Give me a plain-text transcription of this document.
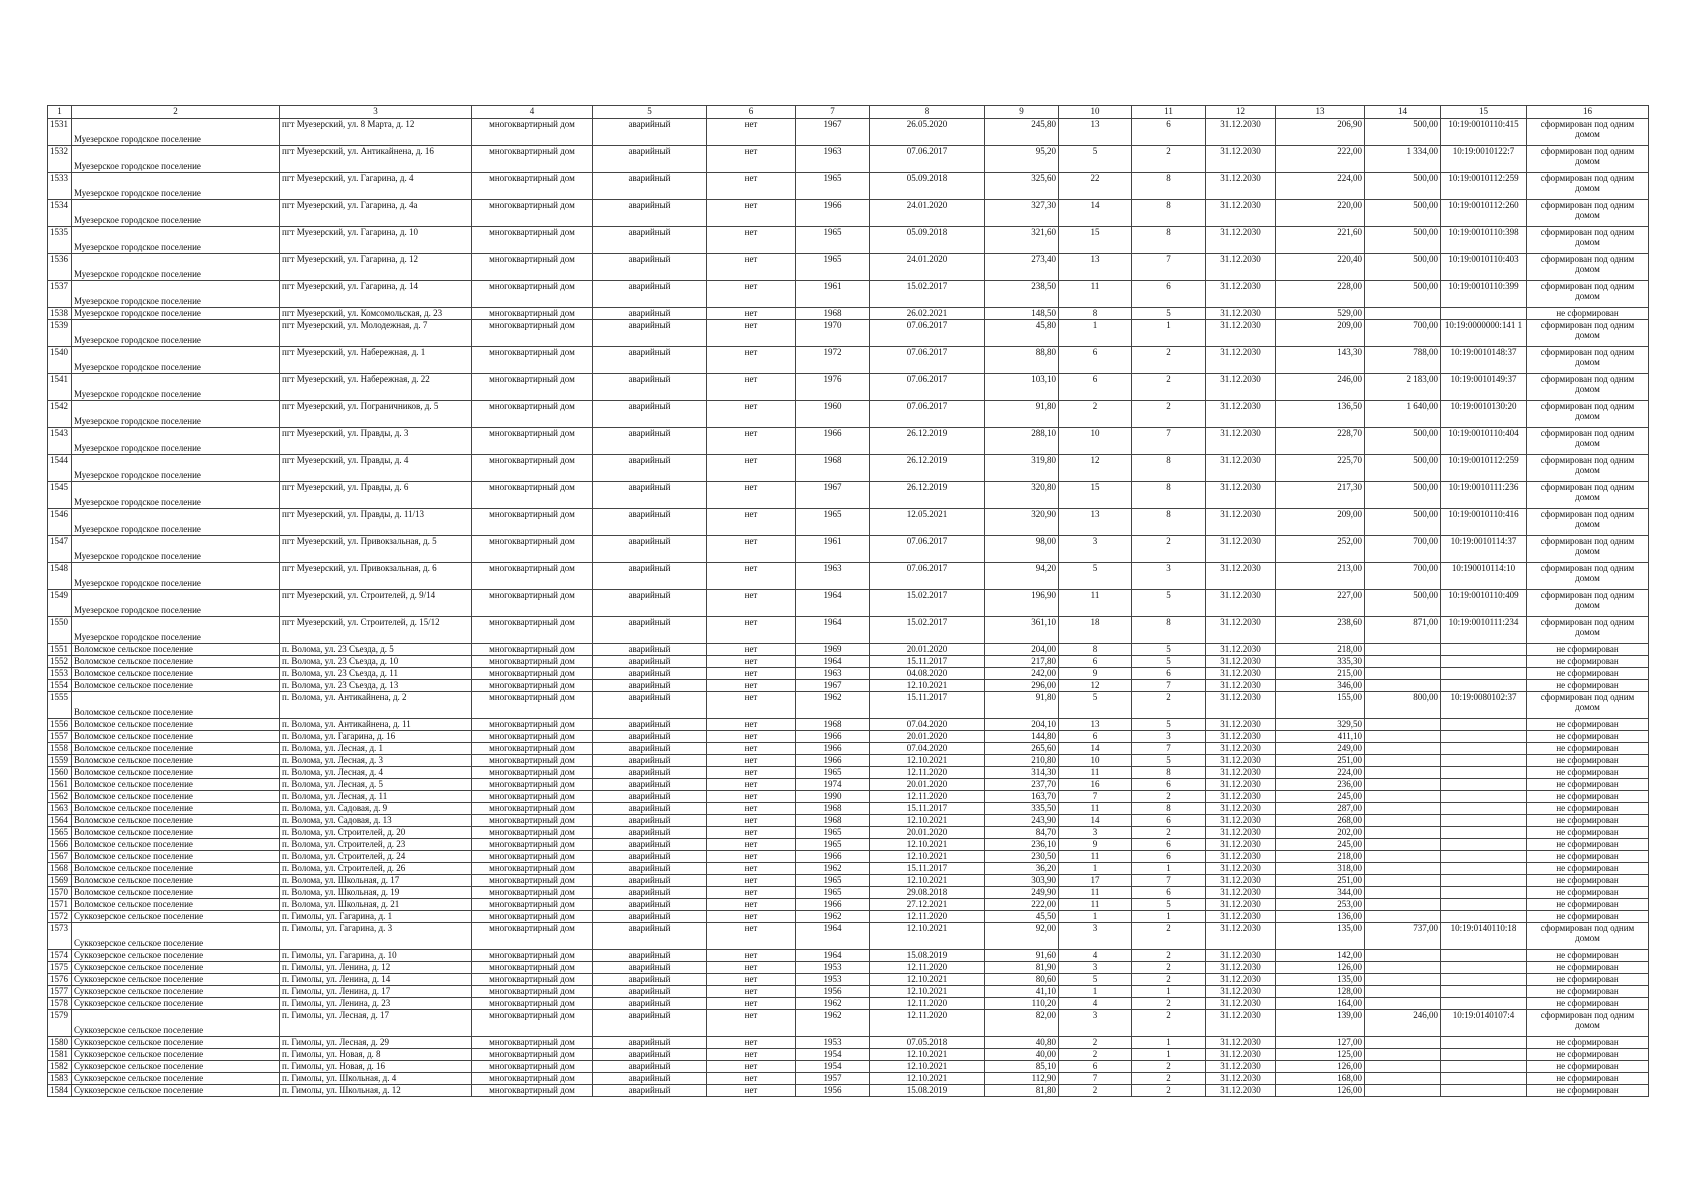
1	2	3	4	5	6	7	8	9	10	11	12	13	14	15	16
1531	Муезерское городское поселение	пгт Муезерский, ул. 8 Марта, д. 12	многоквартирный дом	аварийный	нет	1967	26.05.2020	245,80	13	6	31.12.2030	206,90	500,00	10:19:0010110:415	сформирован под одним домом
1532	Муезерское городское поселение	пгт Муезерский, ул. Антикайнена, д. 16	многоквартирный дом	аварийный	нет	1963	07.06.2017	95,20	5	2	31.12.2030	222,00	1 334,00	10:19:0010122:7	сформирован под одним домом
1533	Муезерское городское поселение	пгт Муезерский, ул. Гагарина, д. 4	многоквартирный дом	аварийный	нет	1965	05.09.2018	325,60	22	8	31.12.2030	224,00	500,00	10:19:0010112:259	сформирован под одним домом
1534	Муезерское городское поселение	пгт Муезерский, ул. Гагарина, д. 4а	многоквартирный дом	аварийный	нет	1966	24.01.2020	327,30	14	8	31.12.2030	220,00	500,00	10:19:0010112:260	сформирован под одним домом
1535	Муезерское городское поселение	пгт Муезерский, ул. Гагарина, д. 10	многоквартирный дом	аварийный	нет	1965	05.09.2018	321,60	15	8	31.12.2030	221,60	500,00	10:19:0010110:398	сформирован под одним домом
1536	Муезерское городское поселение	пгт Муезерский, ул. Гагарина, д. 12	многоквартирный дом	аварийный	нет	1965	24.01.2020	273,40	13	7	31.12.2030	220,40	500,00	10:19:0010110:403	сформирован под одним домом
1537	Муезерское городское поселение	пгт Муезерский, ул. Гагарина, д. 14	многоквартирный дом	аварийный	нет	1961	15.02.2017	238,50	11	6	31.12.2030	228,00	500,00	10:19:0010110:399	сформирован под одним домом
1538	Муезерское городское поселение	пгт Муезерский, ул. Комсомольская, д. 23	многоквартирный дом	аварийный	нет	1968	26.02.2021	148,50	8	5	31.12.2030	529,00			не сформирован
1539	Муезерское городское поселение	пгт Муезерский, ул. Молодежная, д. 7	многоквартирный дом	аварийный	нет	1970	07.06.2017	45,80	1	1	31.12.2030	209,00	700,00	10:19:0000000:141 1	сформирован под одним домом
1540	Муезерское городское поселение	пгт Муезерский, ул. Набережная, д. 1	многоквартирный дом	аварийный	нет	1972	07.06.2017	88,80	6	2	31.12.2030	143,30	788,00	10:19:0010148:37	сформирован под одним домом
1541	Муезерское городское поселение	пгт Муезерский, ул. Набережная, д. 22	многоквартирный дом	аварийный	нет	1976	07.06.2017	103,10	6	2	31.12.2030	246,00	2 183,00	10:19:0010149:37	сформирован под одним домом
1542	Муезерское городское поселение	пгт Муезерский, ул. Пограничников, д. 5	многоквартирный дом	аварийный	нет	1960	07.06.2017	91,80	2	2	31.12.2030	136,50	1 640,00	10:19:0010130:20	сформирован под одним домом
1543	Муезерское городское поселение	пгт Муезерский, ул. Правды, д. 3	многоквартирный дом	аварийный	нет	1966	26.12.2019	288,10	10	7	31.12.2030	228,70	500,00	10:19:0010110:404	сформирован под одним домом
1544	Муезерское городское поселение	пгт Муезерский, ул. Правды, д. 4	многоквартирный дом	аварийный	нет	1968	26.12.2019	319,80	12	8	31.12.2030	225,70	500,00	10:19:0010112:259	сформирован под одним домом
1545	Муезерское городское поселение	пгт Муезерский, ул. Правды, д. 6	многоквартирный дом	аварийный	нет	1967	26.12.2019	320,80	15	8	31.12.2030	217,30	500,00	10:19:0010111:236	сформирован под одним домом
1546	Муезерское городское поселение	пгт Муезерский, ул. Правды, д. 11/13	многоквартирный дом	аварийный	нет	1965	12.05.2021	320,90	13	8	31.12.2030	209,00	500,00	10:19:0010110:416	сформирован под одним домом
1547	Муезерское городское поселение	пгт Муезерский, ул. Привокзальная, д. 5	многоквартирный дом	аварийный	нет	1961	07.06.2017	98,00	3	2	31.12.2030	252,00	700,00	10:19:0010114:37	сформирован под одним домом
1548	Муезерское городское поселение	пгт Муезерский, ул. Привокзальная, д. 6	многоквартирный дом	аварийный	нет	1963	07.06.2017	94,20	5	3	31.12.2030	213,00	700,00	10:190010114:10	сформирован под одним домом
1549	Муезерское городское поселение	пгт Муезерский, ул. Строителей, д. 9/14	многоквартирный дом	аварийный	нет	1964	15.02.2017	196,90	11	5	31.12.2030	227,00	500,00	10:19:0010110:409	сформирован под одним домом
1550	Муезерское городское поселение	пгт Муезерский, ул. Строителей, д. 15/12	многоквартирный дом	аварийный	нет	1964	15.02.2017	361,10	18	8	31.12.2030	238,60	871,00	10:19:0010111:234	сформирован под одним домом
1551	Воломское сельское поселение	п. Волома, ул. 23 Съезда, д. 5	многоквартирный дом	аварийный	нет	1969	20.01.2020	204,00	8	5	31.12.2030	218,00			не сформирован
1552	Воломское сельское поселение	п. Волома, ул. 23 Съезда, д. 10	многоквартирный дом	аварийный	нет	1964	15.11.2017	217,80	6	5	31.12.2030	335,30			не сформирован
1553	Воломское сельское поселение	п. Волома, ул. 23 Съезда, д. 11	многоквартирный дом	аварийный	нет	1963	04.08.2020	242,00	9	6	31.12.2030	215,00			не сформирован
1554	Воломское сельское поселение	п. Волома, ул. 23 Съезда, д. 13	многоквартирный дом	аварийный	нет	1967	12.10.2021	296,00	12	7	31.12.2030	346,00			не сформирован
1555	Воломское сельское поселение	п. Волома, ул. Антикайнена, д. 2	многоквартирный дом	аварийный	нет	1962	15.11.2017	91,80	5	2	31.12.2030	155,00	800,00	10:19:0080102:37	сформирован под одним домом
1556	Воломское сельское поселение	п. Волома, ул. Антикайнена, д. 11	многоквартирный дом	аварийный	нет	1968	07.04.2020	204,10	13	5	31.12.2030	329,50			не сформирован
1557	Воломское сельское поселение	п. Волома, ул. Гагарина, д. 16	многоквартирный дом	аварийный	нет	1966	20.01.2020	144,80	6	3	31.12.2030	411,10			не сформирован
1558	Воломское сельское поселение	п. Волома, ул. Лесная, д. 1	многоквартирный дом	аварийный	нет	1966	07.04.2020	265,60	14	7	31.12.2030	249,00			не сформирован
1559	Воломское сельское поселение	п. Волома, ул. Лесная, д. 3	многоквартирный дом	аварийный	нет	1966	12.10.2021	210,80	10	5	31.12.2030	251,00			не сформирован
1560	Воломское сельское поселение	п. Волома, ул. Лесная, д. 4	многоквартирный дом	аварийный	нет	1965	12.11.2020	314,30	11	8	31.12.2030	224,00			не сформирован
1561	Воломское сельское поселение	п. Волома, ул. Лесная, д. 5	многоквартирный дом	аварийный	нет	1974	20.01.2020	237,70	16	6	31.12.2030	236,00			не сформирован
1562	Воломское сельское поселение	п. Волома, ул. Лесная, д. 11	многоквартирный дом	аварийный	нет	1990	12.11.2020	163,70	7	2	31.12.2030	245,00			не сформирован
1563	Воломское сельское поселение	п. Волома, ул. Садовая, д. 9	многоквартирный дом	аварийный	нет	1968	15.11.2017	335,50	11	8	31.12.2030	287,00			не сформирован
1564	Воломское сельское поселение	п. Волома, ул. Садовая, д. 13	многоквартирный дом	аварийный	нет	1968	12.10.2021	243,90	14	6	31.12.2030	268,00			не сформирован
1565	Воломское сельское поселение	п. Волома, ул. Строителей, д. 20	многоквартирный дом	аварийный	нет	1965	20.01.2020	84,70	3	2	31.12.2030	202,00			не сформирован
1566	Воломское сельское поселение	п. Волома, ул. Строителей, д. 23	многоквартирный дом	аварийный	нет	1965	12.10.2021	236,10	9	6	31.12.2030	245,00			не сформирован
1567	Воломское сельское поселение	п. Волома, ул. Строителей, д. 24	многоквартирный дом	аварийный	нет	1966	12.10.2021	230,50	11	6	31.12.2030	218,00			не сформирован
1568	Воломское сельское поселение	п. Волома, ул. Строителей, д. 26	многоквартирный дом	аварийный	нет	1962	15.11.2017	36,20	1	1	31.12.2030	318,00			не сформирован
1569	Воломское сельское поселение	п. Волома, ул. Школьная, д. 17	многоквартирный дом	аварийный	нет	1965	12.10.2021	303,90	17	7	31.12.2030	251,00			не сформирован
1570	Воломское сельское поселение	п. Волома, ул. Школьная, д. 19	многоквартирный дом	аварийный	нет	1965	29.08.2018	249,90	11	6	31.12.2030	344,00			не сформирован
1571	Воломское сельское поселение	п. Волома, ул. Школьная, д. 21	многоквартирный дом	аварийный	нет	1966	27.12.2021	222,00	11	5	31.12.2030	253,00			не сформирован
1572	Суккозерское сельское поселение	п. Гимолы, ул. Гагарина, д. 1	многоквартирный дом	аварийный	нет	1962	12.11.2020	45,50	1	1	31.12.2030	136,00			не сформирован
1573	Суккозерское сельское поселение	п. Гимолы, ул. Гагарина, д. 3	многоквартирный дом	аварийный	нет	1964	12.10.2021	92,00	3	2	31.12.2030	135,00	737,00	10:19:0140110:18	сформирован под одним домом
1574	Суккозерское сельское поселение	п. Гимолы, ул. Гагарина, д. 10	многоквартирный дом	аварийный	нет	1964	15.08.2019	91,60	4	2	31.12.2030	142,00			не сформирован
1575	Суккозерское сельское поселение	п. Гимолы, ул. Ленина, д. 12	многоквартирный дом	аварийный	нет	1953	12.11.2020	81,90	3	2	31.12.2030	126,00			не сформирован
1576	Суккозерское сельское поселение	п. Гимолы, ул. Ленина, д. 14	многоквартирный дом	аварийный	нет	1953	12.10.2021	80,60	5	2	31.12.2030	135,00			не сформирован
1577	Суккозерское сельское поселение	п. Гимолы, ул. Ленина, д. 17	многоквартирный дом	аварийный	нет	1956	12.10.2021	41,10	1	1	31.12.2030	128,00			не сформирован
1578	Суккозерское сельское поселение	п. Гимолы, ул. Ленина, д. 23	многоквартирный дом	аварийный	нет	1962	12.11.2020	110,20	4	2	31.12.2030	164,00			не сформирован
1579	Суккозерское сельское поселение	п. Гимолы, ул. Лесная, д. 17	многоквартирный дом	аварийный	нет	1962	12.11.2020	82,00	3	2	31.12.2030	139,00	246,00	10:19:0140107:4	сформирован под одним домом
1580	Суккозерское сельское поселение	п. Гимолы, ул. Лесная, д. 29	многоквартирный дом	аварийный	нет	1953	07.05.2018	40,80	2	1	31.12.2030	127,00			не сформирован
1581	Суккозерское сельское поселение	п. Гимолы, ул. Новая, д. 8	многоквартирный дом	аварийный	нет	1954	12.10.2021	40,00	2	1	31.12.2030	125,00			не сформирован
1582	Суккозерское сельское поселение	п. Гимолы, ул. Новая, д. 16	многоквартирный дом	аварийный	нет	1954	12.10.2021	85,10	6	2	31.12.2030	126,00			не сформирован
1583	Суккозерское сельское поселение	п. Гимолы, ул. Школьная, д. 4	многоквартирный дом	аварийный	нет	1957	12.10.2021	112,90	7	2	31.12.2030	168,00			не сформирован
1584	Суккозерское сельское поселение	п. Гимолы, ул. Школьная, д. 12	многоквартирный дом	аварийный	нет	1956	15.08.2019	81,80	2	2	31.12.2030	126,00			не сформирован
